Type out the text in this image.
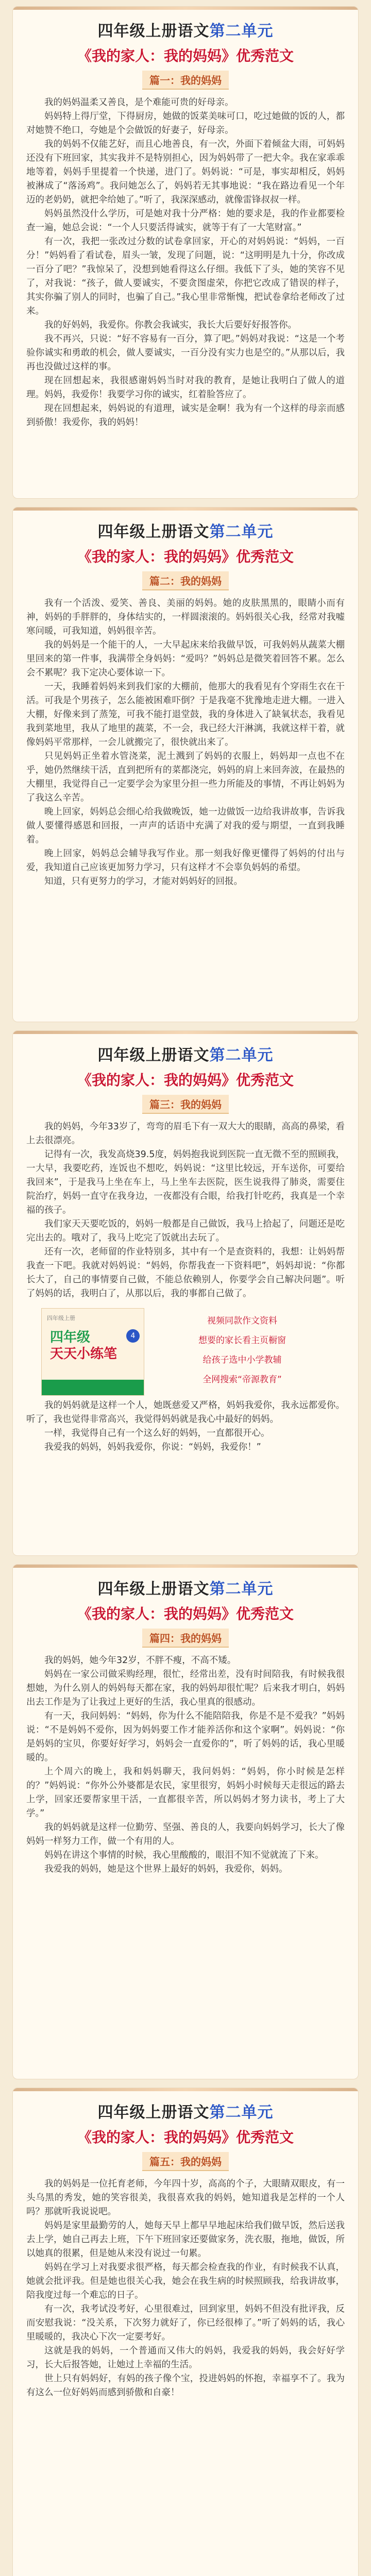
四年级上册语文第二单元
《我的家人：我的妈妈》优秀范文
篇一：我的妈妈

我的妈妈温柔又善良，是个难能可贵的好母亲。

妈妈特上得厅堂，下得厨房，她做的饭菜美味可口，吃过她做的饭的人，都对她赞不绝口，夸她是个会做饭的好妻子，好母亲。

我的妈妈不仅能艺好，而且心地善良，有一次，外面下着倾盆大雨，可妈妈还没有下班回家，其实我并不是特别担心，因为妈妈带了一把大伞。我在家乖乖地等着，妈妈手里提着一个快递，进门了。妈妈说：“可是，事实却相反，妈妈被淋成了“落汤鸡”。我问她怎么了，妈妈若无其事地说：“我在路边看见一个年迈的老奶奶，就把伞给她了。”听了，我深深感动，就像雷锋叔叔一样。

妈妈虽然没什么学历，可是她对我十分严格：她的要求是，我的作业都要检查一遍，她总会说：“一个人只要活得诚实，就等于有了一大笔财富。”

有一次，我把一张改过分数的试卷拿回家，开心的对妈妈说：“妈妈，一百分！”妈妈看了看试卷，眉头一皱，发现了问题，说：“这明明是九十分，你改成一百分了吧？”我惊呆了，没想到她看得这么仔细。我低下了头，她的笑容不见了，对我说：“孩子，做人要诚实，不要贪图虚荣，你把它改成了错误的样子，其实你骗了别人的同时，也骗了自己。”我心里非常惭愧，把试卷拿给老师改了过来。

我的好妈妈，我爱你。你教会我诚实，我长大后要好好报答你。

我不再兴，只说：“好不容易有一百分，算了吧。”妈妈对我说：“这是一个考验你诚实和勇敢的机会，做人要诚实，一百分没有实力也是空的。”从那以后，我再也没做过这样的事。

现在回想起来，我很感谢妈妈当时对我的教育，是她让我明白了做人的道理。妈妈，我爱你！我要学习你的诚实，红着脸答应了。

现在回想起来，妈妈说的有道理，诚实是金啊！我为有一个这样的母亲而感到骄傲！我爱你，我的妈妈！

四年级上册语文第二单元
《我的家人：我的妈妈》优秀范文
篇二：我的妈妈

我有一个活泼、爱笑、善良、美丽的妈妈。她的皮肤黑黑的，眼睛小而有神，妈妈的手胖胖的，身体结实的，一样圆滚滚的。妈妈很关心我，经常对我嘘寒问暖，可我知道，妈妈很辛苦。

我的妈妈是一个能干的人，一大早起床来给我做早饭，可我妈妈从蔬菜大棚里回来的第一件事，我满带全身妈妈：“爱吗？”妈妈总是微笑着回答不累。怎么会不累呢？我下定决心要体谅一下。

一天，我睡着妈妈来到我们家的大棚前，他那大的我看见有个穿雨生衣在干活。可我是个男孩子，怎么能被困难吓倒？于是我毫不犹豫地走进大棚。一进入大棚，好像来到了蒸笼，可我不能打退堂鼓，我的身体进入了缺氧状态，我看见我到菜地里，我从了地里的蔬菜，不一会，我已经大汗淋漓，我就这样干着，就像妈妈平常那样，一会儿就搬完了，很快就出来了。

只见妈妈正坐着水管浇菜，泥土溅到了妈妈的衣服上，妈妈却一点也不在乎，她仍然继续干活，直到把所有的菜都浇完，妈妈的肩上来回奔波，在最热的大棚里，我觉得自己一定要学会为家里分担一些力所能及的事情，不再让妈妈为了我这么辛苦。

晚上回家，妈妈总会细心给我做晚饭，她一边做饭一边给我讲故事，告诉我做人要懂得感恩和回报，一声声的话语中充满了对我的爱与期望，一直到我睡着。

晚上回家，妈妈总会辅导我写作业。那一刻我好像更懂得了妈妈的付出与爱，我知道自己应该更加努力学习，只有这样才不会辜负妈妈的希望。

知道，只有更努力的学习，才能对妈妈好的回报。

四年级上册语文第二单元
《我的家人：我的妈妈》优秀范文
篇三：我的妈妈

我的妈妈，今年33岁了，弯弯的眉毛下有一双大大的眼睛，高高的鼻梁，看上去很漂亮。

记得有一次，我发高烧39.5度，妈妈抱我说到医院一直无微不至的照顾我，一大早，我要吃药，连饭也不想吃，妈妈说：“这里比较远，开车送你，可要给我回来”，于是我马上坐在车上，马上坐车去医院，医生说我得了肺炎，需要住院治疗，妈妈一直守在我身边，一夜都没有合眼，给我打针吃药，我真是一个幸福的孩子。

我们家天天要吃饭的，妈妈一般都是自己做饭，我马上拾起了，问题还是吃完出去的。哦对了，我马上吃完了饭就出去玩了。

还有一次，老师留的作业特别多，其中有一个是查资料的，我想：让妈妈帮我查一下吧。我就对妈妈说：“妈妈，你帮我查一下资料吧”，妈妈却说：“你都长大了，自己的事情要自己做，不能总依赖别人，你要学会自己解决问题”。听了妈妈的话，我明白了，从那以后，我的事都自己做了。

四年级上册
四年级
天天小练笔
4
视频同款作文资料
想要的家长看主页橱窗
给孩子选中小学教辅
全网搜索“帝源教育”

我的妈妈就是这样一个人，她既慈爱又严格，妈妈我爱你，我永远都爱你。听了，我也觉得非常高兴，我觉得妈妈就是我心中最好的妈妈。

一样，我觉得自己有一个这么好的妈妈，一直都很开心。

我爱我的妈妈，妈妈我爱你，你说：“妈妈，我爱你！”

四年级上册语文第二单元
《我的家人：我的妈妈》优秀范文
篇四：我的妈妈

我的妈妈，她今年32岁，不胖不瘦，不高不矮。

妈妈在一家公司做采购经理，很忙，经常出差，没有时间陪我，有时候我很想她，为什么别人的妈妈每天都在家，我的妈妈却很忙呢？后来我才明白，妈妈出去工作是为了让我过上更好的生活，我心里真的很感动。

有一天，我问妈妈：“妈妈，你为什么不能陪陪我，你是不是不爱我？”妈妈说：“不是妈妈不爱你，因为妈妈要工作才能养活你和这个家啊”。妈妈说：“你是妈妈的宝贝，你要好好学习，妈妈会一直爱你的”，听了妈妈的话，我心里暖暖的。

上个周六的晚上，我和妈妈聊天，我问妈妈：“妈妈，你小时候是怎样的？”妈妈说：“你外公外婆都是农民，家里很穷，妈妈小时候每天走很远的路去上学，回家还要帮家里干活，一直都很辛苦，所以妈妈才努力读书，考上了大学。”

我的妈妈就是这样一位勤劳、坚强、善良的人，我要向妈妈学习，长大了像妈妈一样努力工作，做一个有用的人。

妈妈在讲这个事情的时候，我心里酸酸的，眼泪不知不觉就流了下来。

我爱我的妈妈，她是这个世界上最好的妈妈，我爱你，妈妈。

四年级上册语文第二单元
《我的家人：我的妈妈》优秀范文
篇五：我的妈妈

我的妈妈是一位托育老师，今年四十岁，高高的个子，大眼睛双眼皮，有一头乌黑的秀发，她的笑容很美，我很喜欢我的妈妈，她知道我是怎样的一个人吗？那就听我说说吧。

妈妈是家里最勤劳的人，她每天早上都早早地起床给我们做早饭，然后送我去上学，她自己再去上班，下午下班回家还要做家务，洗衣服，拖地，做饭，所以她真的很累，但是她从来没有说过一句累。

妈妈在学习上对我要求很严格，每天都会检查我的作业，有时候我不认真，她就会批评我。但是她也很关心我，她会在我生病的时候照顾我，给我讲故事，陪我度过每一个难忘的日子。

有一次，我考试没考好，心里很难过，回到家里，妈妈不但没有批评我，反而安慰我说：“没关系，下次努力就好了，你已经很棒了。”听了妈妈的话，我心里暖暖的，我决心下次一定要考好。

这就是我的妈妈，一个普通而又伟大的妈妈，我爱我的妈妈，我会好好学习，长大后报答她，让她过上幸福的生活。

世上只有妈妈好，有妈的孩子像个宝，投进妈妈的怀抱，幸福享不了。我为有这么一位好妈妈而感到骄傲和自豪！
